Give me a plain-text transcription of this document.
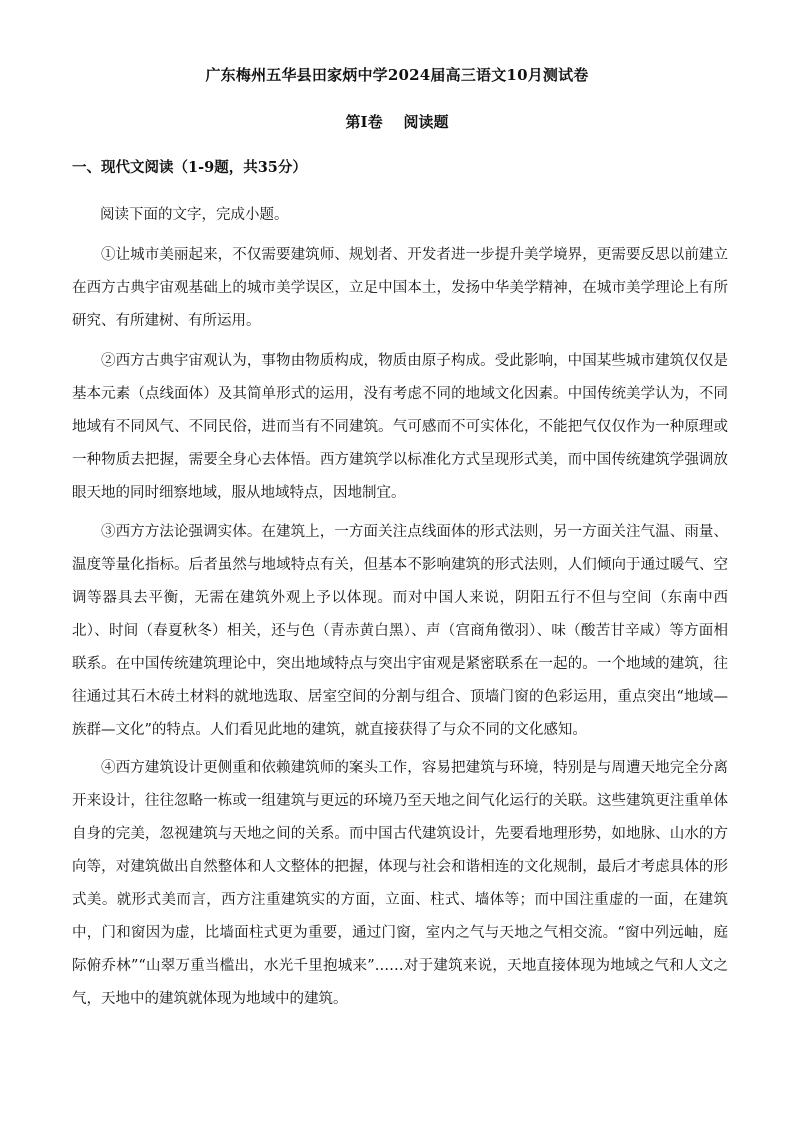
广东梅州五华县田家炳中学2024届高三语文10月测试卷
第Ⅰ卷    阅读题
一、现代文阅读（1-9题，共35分）
阅读下面的文字，完成小题。

①让城市美丽起来，不仅需要建筑师、规划者、开发者进一步提升美学境界，更需要反思以前建立在西方古典宇宙观基础上的城市美学误区，立足中国本土，发扬中华美学精神，在城市美学理论上有所研究、有所建树、有所运用。

②西方古典宇宙观认为，事物由物质构成，物质由原子构成。受此影响，中国某些城市建筑仅仅是基本元素（点线面体）及其简单形式的运用，没有考虑不同的地域文化因素。中国传统美学认为，不同地域有不同风气、不同民俗，进而当有不同建筑。气可感而不可实体化，不能把气仅仅作为一种原理或一种物质去把握，需要全身心去体悟。西方建筑学以标准化方式呈现形式美，而中国传统建筑学强调放眼天地的同时细察地域，服从地域特点，因地制宜。

③西方方法论强调实体。在建筑上，一方面关注点线面体的形式法则，另一方面关注气温、雨量、温度等量化指标。后者虽然与地域特点有关，但基本不影响建筑的形式法则，人们倾向于通过暖气、空调等器具去平衡，无需在建筑外观上予以体现。而对中国人来说，阴阳五行不但与空间（东南中西北）、时间（春夏秋冬）相关，还与色（青赤黄白黑）、声（宫商角徵羽）、味（酸苦甘辛咸）等方面相联系。在中国传统建筑理论中，突出地域特点与突出宇宙观是紧密联系在一起的。一个地域的建筑，往往通过其石木砖土材料的就地选取、居室空间的分割与组合、顶墙门窗的色彩运用，重点突出“地域—族群—文化”的特点。人们看见此地的建筑，就直接获得了与众不同的文化感知。

④西方建筑设计更侧重和依赖建筑师的案头工作，容易把建筑与环境，特别是与周遭天地完全分离开来设计，往往忽略一栋或一组建筑与更远的环境乃至天地之间气化运行的关联。这些建筑更注重单体自身的完美，忽视建筑与天地之间的关系。而中国古代建筑设计，先要看地理形势，如地脉、山水的方向等，对建筑做出自然整体和人文整体的把握，体现与社会和谐相连的文化规制，最后才考虑具体的形式美。就形式美而言，西方注重建筑实的方面，立面、柱式、墙体等；而中国注重虚的一面，在建筑中，门和窗因为虚，比墙面柱式更为重要，通过门窗，室内之气与天地之气相交流。“窗中列远岫，庭际俯乔林”“山翠万重当槛出，水光千里抱城来”……对于建筑来说，天地直接体现为地域之气和人文之气，天地中的建筑就体现为地域中的建筑。
